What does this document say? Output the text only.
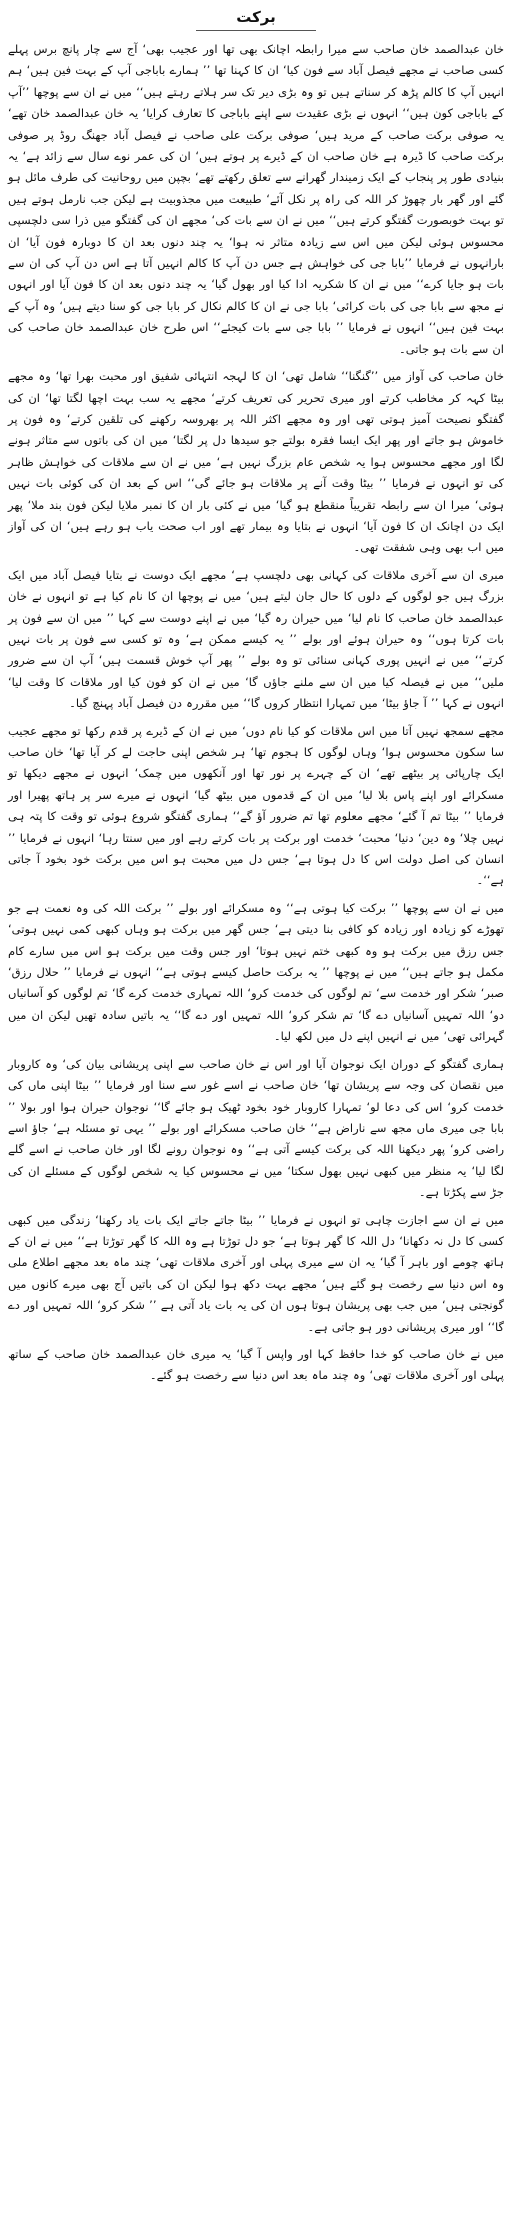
برکت

خان عبدالصمد خان صاحب سے میرا رابطہ اچانک بھی تھا اور عجیب بھی‘ آج سے چار پانچ برس پہلے کسی صاحب نے مجھے فیصل آباد سے فون کیا‘ ان کا کہنا تھا ’’ ہمارے باباجی آپ کے بہت فین ہیں‘ ہم انہیں آپ کا کالم پڑھ کر سناتے ہیں تو وہ بڑی دیر تک سر ہلاتے رہتے ہیں‘‘ میں نے ان سے پوچھا ’’آپ کے باباجی کون ہیں‘‘ انہوں نے بڑی عقیدت سے اپنے باباجی کا تعارف کرایا‘ یہ خان عبدالصمد خان تھے‘ یہ صوفی برکت صاحب کے مرید ہیں‘ صوفی برکت علی صاحب نے فیصل آباد جھنگ روڈ پر صوفی برکت صاحب کا ڈیرہ ہے خان صاحب ان کے ڈیرے پر ہوتے ہیں‘ ان کی عمر نوے سال سے زائد ہے‘ یہ بنیادی طور پر پنجاب کے ایک زمیندار گھرانے سے تعلق رکھتے تھے‘ بچپن میں روحانیت کی طرف مائل ہو گئے اور گھر بار چھوڑ کر اللہ کی راہ پر نکل آئے‘ طبیعت میں مجذوبیت ہے لیکن جب نارمل ہوتے ہیں تو بہت خوبصورت گفتگو کرتے ہیں‘‘ میں نے ان سے بات کی‘ مجھے ان کی گفتگو میں ذرا سی دلچسپی محسوس ہوئی لیکن میں اس سے زیادہ متاثر نہ ہوا‘ یہ چند دنوں بعد ان کا دوبارہ فون آیا‘ ان بارانہوں نے فرمایا ’’بابا جی کی خواہش ہے جس دن آپ کا کالم انہیں آتا ہے اس دن آپ کی ان سے بات ہو جایا کرے‘‘ میں نے ان کا شکریہ ادا کیا اور بھول گیا‘ یہ چند دنوں بعد ان کا فون آیا اور انہوں نے مجھ سے بابا جی کی بات کرائی‘ بابا جی نے ان کا کالم نکال کر بابا جی کو سنا دیتے ہیں‘ وہ آپ کے بہت فین ہیں‘‘ انہوں نے فرمایا ’’ بابا جی سے بات کیجئے‘‘ اس طرح خان عبدالصمد خان صاحب کی ان سے بات ہو جاتی۔

خان صاحب کی آواز میں ’’گنگنا‘‘ شامل تھی‘ ان کا لہجہ انتہائی شفیق اور محبت بھرا تھا‘ وہ مجھے بیٹا کہہ کر مخاطب کرتے اور میری تحریر کی تعریف کرتے‘ مجھے یہ سب بہت اچھا لگتا تھا‘ ان کی گفتگو نصیحت آمیز ہوتی تھی اور وہ مجھے اکثر اللہ پر بھروسہ رکھنے کی تلقین کرتے‘ وہ فون پر خاموش ہو جاتے اور پھر ایک ایسا فقرہ بولتے جو سیدھا دل پر لگتا‘ میں ان کی باتوں سے متاثر ہونے لگا اور مجھے محسوس ہوا یہ شخص عام بزرگ نہیں ہے‘ میں نے ان سے ملاقات کی خواہش ظاہر کی تو انہوں نے فرمایا ’’ بیٹا وقت آنے پر ملاقات ہو جائے گی‘‘ اس کے بعد ان کی کوئی بات نہیں ہوئی‘ میرا ان سے رابطہ تقریباً منقطع ہو گیا‘ میں نے کئی بار ان کا نمبر ملایا لیکن فون بند ملا‘ پھر ایک دن اچانک ان کا فون آیا‘ انہوں نے بتایا وہ بیمار تھے اور اب صحت یاب ہو رہے ہیں‘ ان کی آواز میں اب بھی وہی شفقت تھی۔

میری ان سے آخری ملاقات کی کہانی بھی دلچسپ ہے‘ مجھے ایک دوست نے بتایا فیصل آباد میں ایک بزرگ ہیں جو لوگوں کے دلوں کا حال جان لیتے ہیں‘ میں نے پوچھا ان کا نام کیا ہے تو انہوں نے خان عبدالصمد خان صاحب کا نام لیا‘ میں حیران رہ گیا‘ میں نے اپنے دوست سے کہا ’’ میں ان سے فون پر بات کرتا ہوں‘‘ وہ حیران ہوئے اور بولے ’’ یہ کیسے ممکن ہے‘ وہ تو کسی سے فون پر بات نہیں کرتے‘‘ میں نے انہیں پوری کہانی سنائی تو وہ بولے ’’ پھر آپ خوش قسمت ہیں‘ آپ ان سے ضرور ملیں‘‘ میں نے فیصلہ کیا میں ان سے ملنے جاؤں گا‘ میں نے ان کو فون کیا اور ملاقات کا وقت لیا‘ انہوں نے کہا ’’ آ جاؤ بیٹا‘ میں تمہارا انتظار کروں گا‘‘ میں مقررہ دن فیصل آباد پہنچ گیا۔

مجھے سمجھ نہیں آتا میں اس ملاقات کو کیا نام دوں‘ میں نے ان کے ڈیرے پر قدم رکھا تو مجھے عجیب سا سکون محسوس ہوا‘ وہاں لوگوں کا ہجوم تھا‘ ہر شخص اپنی حاجت لے کر آیا تھا‘ خان صاحب ایک چارپائی پر بیٹھے تھے‘ ان کے چہرے پر نور تھا اور آنکھوں میں چمک‘ انہوں نے مجھے دیکھا تو مسکرائے اور اپنے پاس بلا لیا‘ میں ان کے قدموں میں بیٹھ گیا‘ انہوں نے میرے سر پر ہاتھ پھیرا اور فرمایا ’’ بیٹا تم آ گئے‘ مجھے معلوم تھا تم ضرور آؤ گے‘‘ ہماری گفتگو شروع ہوئی تو وقت کا پتہ ہی نہیں چلا‘ وہ دین‘ دنیا‘ محبت‘ خدمت اور برکت پر بات کرتے رہے اور میں سنتا رہا‘ انہوں نے فرمایا ’’ انسان کی اصل دولت اس کا دل ہوتا ہے‘ جس دل میں محبت ہو اس میں برکت خود بخود آ جاتی ہے‘‘۔

میں نے ان سے پوچھا ’’ برکت کیا ہوتی ہے‘‘ وہ مسکرائے اور بولے ’’ برکت اللہ کی وہ نعمت ہے جو تھوڑے کو زیادہ اور زیادہ کو کافی بنا دیتی ہے‘ جس گھر میں برکت ہو وہاں کبھی کمی نہیں ہوتی‘ جس رزق میں برکت ہو وہ کبھی ختم نہیں ہوتا‘ اور جس وقت میں برکت ہو اس میں سارے کام مکمل ہو جاتے ہیں‘‘ میں نے پوچھا ’’ یہ برکت حاصل کیسے ہوتی ہے‘‘ انہوں نے فرمایا ’’ حلال رزق‘ صبر‘ شکر اور خدمت سے‘ تم لوگوں کی خدمت کرو‘ اللہ تمہاری خدمت کرے گا‘ تم لوگوں کو آسانیاں دو‘ اللہ تمہیں آسانیاں دے گا‘ تم شکر کرو‘ اللہ تمہیں اور دے گا‘‘ یہ باتیں سادہ تھیں لیکن ان میں گہرائی تھی‘ میں نے انہیں اپنے دل میں لکھ لیا۔

ہماری گفتگو کے دوران ایک نوجوان آیا اور اس نے خان صاحب سے اپنی پریشانی بیان کی‘ وہ کاروبار میں نقصان کی وجہ سے پریشان تھا‘ خان صاحب نے اسے غور سے سنا اور فرمایا ’’ بیٹا اپنی ماں کی خدمت کرو‘ اس کی دعا لو‘ تمہارا کاروبار خود بخود ٹھیک ہو جائے گا‘‘ نوجوان حیران ہوا اور بولا ’’ بابا جی میری ماں مجھ سے ناراض ہے‘‘ خان صاحب مسکرائے اور بولے ’’ یہی تو مسئلہ ہے‘ جاؤ اسے راضی کرو‘ پھر دیکھنا اللہ کی برکت کیسے آتی ہے‘‘ وہ نوجوان رونے لگا اور خان صاحب نے اسے گلے لگا لیا‘ یہ منظر میں کبھی نہیں بھول سکتا‘ میں نے محسوس کیا یہ شخص لوگوں کے مسئلے ان کی جڑ سے پکڑتا ہے۔

میں نے ان سے اجازت چاہی تو انہوں نے فرمایا ’’ بیٹا جاتے جاتے ایک بات یاد رکھنا‘ زندگی میں کبھی کسی کا دل نہ دکھانا‘ دل اللہ کا گھر ہوتا ہے‘ جو دل توڑتا ہے وہ اللہ کا گھر توڑتا ہے‘‘ میں نے ان کے ہاتھ چومے اور باہر آ گیا‘ یہ ان سے میری پہلی اور آخری ملاقات تھی‘ چند ماہ بعد مجھے اطلاع ملی وہ اس دنیا سے رخصت ہو گئے ہیں‘ مجھے بہت دکھ ہوا لیکن ان کی باتیں آج بھی میرے کانوں میں گونجتی ہیں‘ میں جب بھی پریشان ہوتا ہوں ان کی یہ بات یاد آتی ہے ’’ شکر کرو‘ اللہ تمہیں اور دے گا‘‘ اور میری پریشانی دور ہو جاتی ہے۔

میں نے خان صاحب کو خدا حافظ کہا اور واپس آ گیا‘ یہ میری خان عبدالصمد خان صاحب کے ساتھ پہلی اور آخری ملاقات تھی‘ وہ چند ماہ بعد اس دنیا سے رخصت ہو گئے۔
